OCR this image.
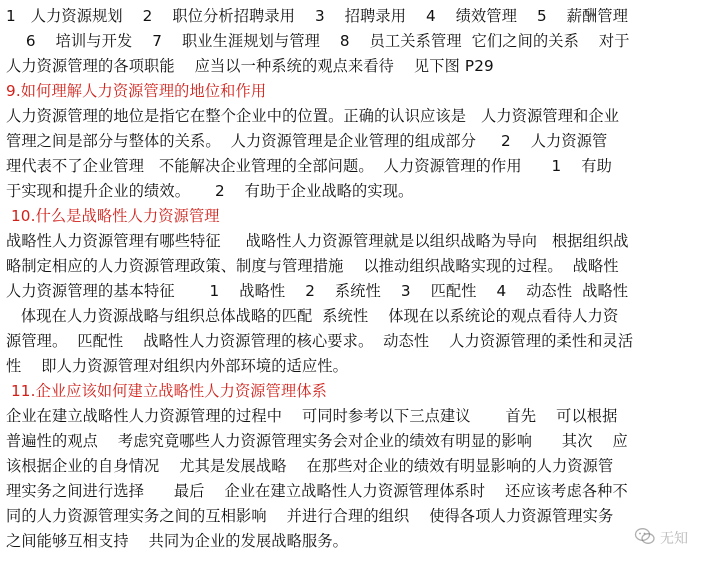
1   人力资源规划    2    职位分析招聘录用    3    招聘录用    4    绩效管理    5    薪酬管理
6    培训与开发    7    职业生涯规划与管理    8    员工关系管理  它们之间的关系    对于
人力资源管理的各项职能    应当以一种系统的观点来看待    见下图 P29
9.如何理解人力资源管理的地位和作用
人力资源管理的地位是指它在整个企业中的位置。正确的认识应该是   人力资源管理和企业
管理之间是部分与整体的关系。  人力资源管理是企业管理的组成部分     2    人力资源管
理代表不了企业管理   不能解决企业管理的全部问题。  人力资源管理的作用      1    有助
于实现和提升企业的绩效。     2    有助于企业战略的实现。
10.什么是战略性人力资源管理
战略性人力资源管理有哪些特征     战略性人力资源管理就是以组织战略为导向   根据组织战
略制定相应的人力资源管理政策、制度与管理措施    以推动组织战略实现的过程。  战略性
人力资源管理的基本特征       1    战略性    2    系统性    3    匹配性    4    动态性  战略性
体现在人力资源战略与组织总体战略的匹配  系统性    体现在以系统论的观点看待人力资
源管理。  匹配性    战略性人力资源管理的核心要求。  动态性    人力资源管理的柔性和灵活
性    即人力资源管理对组织内外部环境的适应性。
11.企业应该如何建立战略性人力资源管理体系
企业在建立战略性人力资源管理的过程中    可同时参考以下三点建议       首先    可以根据
普遍性的观点    考虑究竟哪些人力资源管理实务会对企业的绩效有明显的影响      其次    应
该根据企业的自身情况    尤其是发展战略    在那些对企业的绩效有明显影响的人力资源管
理实务之间进行选择      最后    企业在建立战略性人力资源管理体系时    还应该考虑各种不
同的人力资源管理实务之间的互相影响    并进行合理的组织    使得各项人力资源管理实务
之间能够互相支持    共同为企业的发展战略服务。	无知
